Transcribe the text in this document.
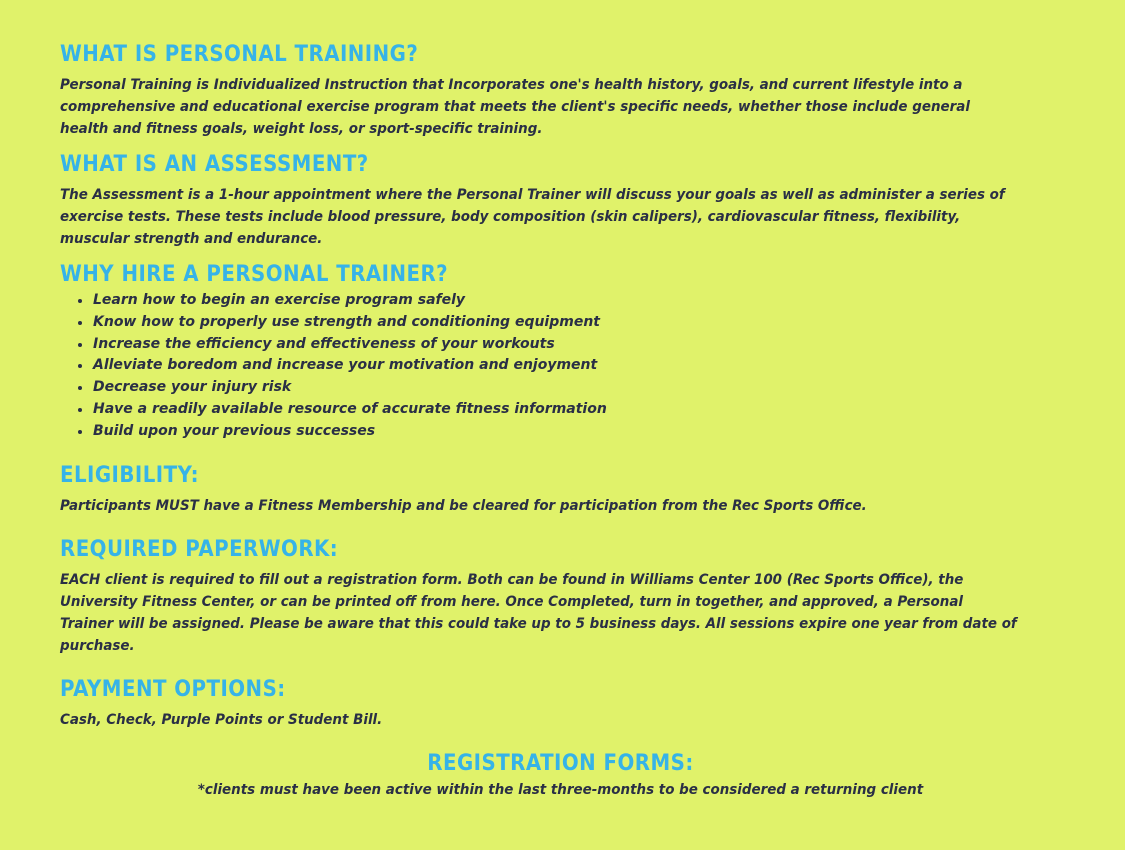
WHAT IS PERSONAL TRAINING?

Personal Training is Individualized Instruction that Incorporates one's health history, goals, and current lifestyle into a comprehensive and educational exercise program that meets the client's specific needs, whether those include general health and fitness goals, weight loss, or sport-specific training.

WHAT IS AN ASSESSMENT?

The Assessment is a 1-hour appointment where the Personal Trainer will discuss your goals as well as administer a series of exercise tests. These tests include blood pressure, body composition (skin calipers), cardiovascular fitness, flexibility, muscular strength and endurance.

WHY HIRE A PERSONAL TRAINER?
Learn how to begin an exercise program safely
Know how to properly use strength and conditioning equipment
Increase the efficiency and effectiveness of your workouts
Alleviate boredom and increase your motivation and enjoyment
Decrease your injury risk
Have a readily available resource of accurate fitness information
Build upon your previous successes
ELIGIBILITY:

Participants MUST have a Fitness Membership and be cleared for participation from the Rec Sports Office.

REQUIRED PAPERWORK:

EACH client is required to fill out a registration form. Both can be found in Williams Center 100 (Rec Sports Office), the University Fitness Center, or can be printed off from here. Once Completed, turn in together, and approved, a Personal Trainer will be assigned. Please be aware that this could take up to 5 business days. All sessions expire one year from date of purchase.

PAYMENT OPTIONS:

Cash, Check, Purple Points or Student Bill.

REGISTRATION FORMS:

*clients must have been active within the last three-months to be considered a returning client
